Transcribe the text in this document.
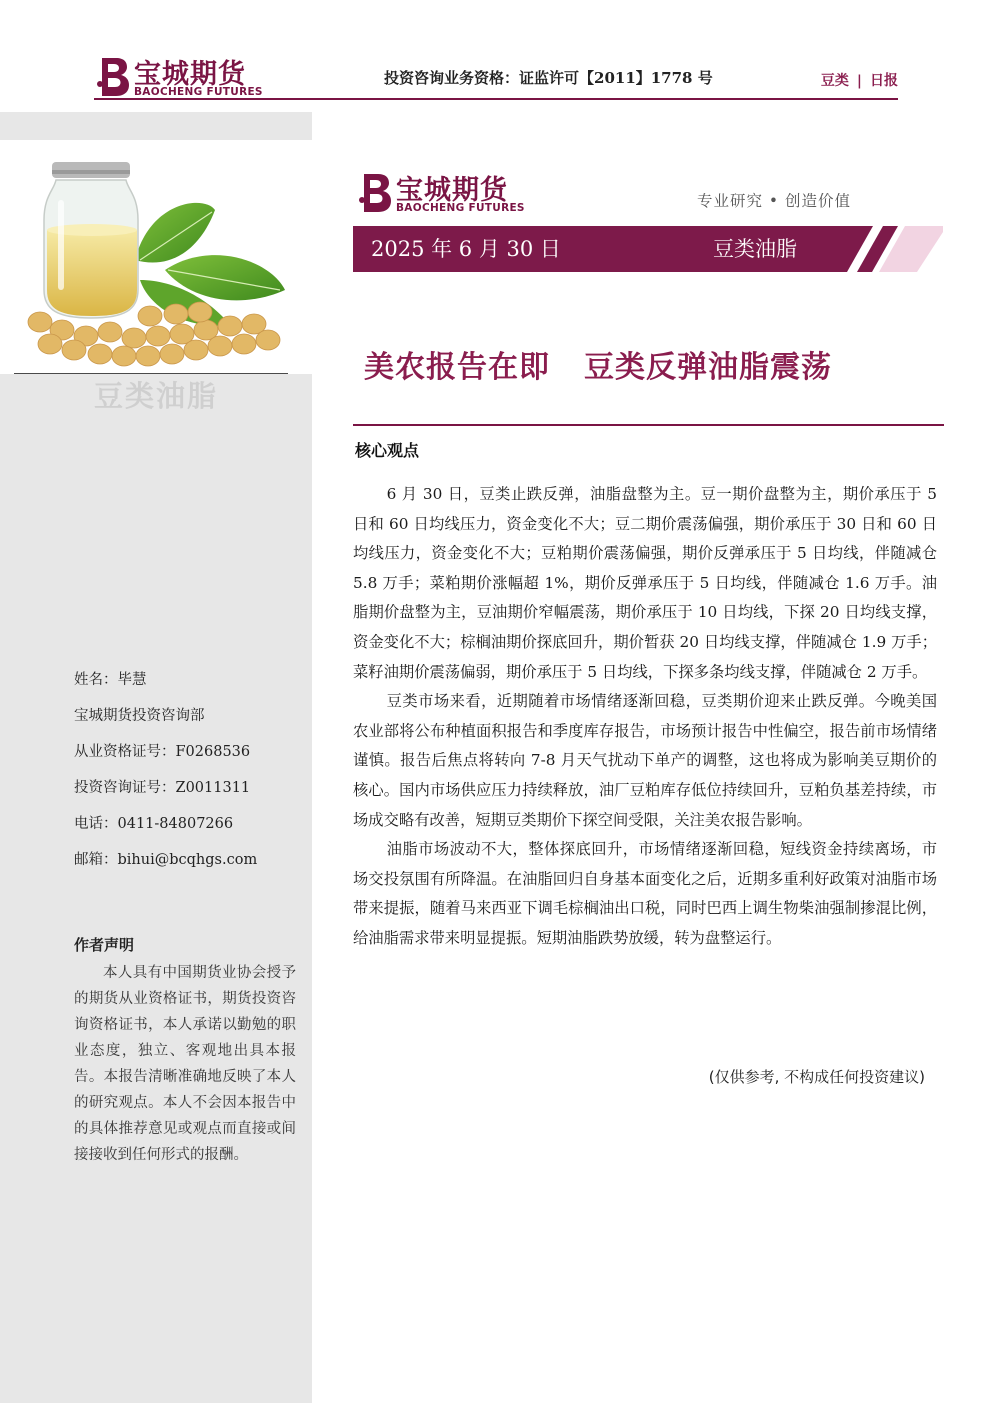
宝城期货
BAOCHENG FUTURES
投资咨询业务资格：证监许可【2011】1778 号	豆类 | 日报
豆类油脂
姓名：毕慧
宝城期货投资咨询部
从业资格证号：F0268536
投资咨询证号：Z0011311
电话：0411-84807266
邮箱：bihui@bcqhgs.com
作者声明
本人具有中国期货业协会授予的期货从业资格证书，期货投资咨询资格证书，本人承诺以勤勉的职业态度，独立、客观地出具本报告。本报告清晰准确地反映了本人的研究观点。本人不会因本报告中的具体推荐意见或观点而直接或间接接收到任何形式的报酬。
宝城期货
BAOCHENG FUTURES	专业研究 • 创造价值
2025 年 6 月 30 日	豆类油脂
美农报告在即 豆类反弹油脂震荡
核心观点

6 月 30 日，豆类止跌反弹，油脂盘整为主。豆一期价盘整为主，期价承压于 5 日和 60 日均线压力，资金变化不大；豆二期价震荡偏强，期价承压于 30 日和 60 日均线压力，资金变化不大；豆粕期价震荡偏强，期价反弹承压于 5 日均线，伴随减仓 5.8 万手；菜粕期价涨幅超 1%，期价反弹承压于 5 日均线，伴随减仓 1.6 万手。油脂期价盘整为主，豆油期价窄幅震荡，期价承压于 10 日均线，下探 20 日均线支撑，资金变化不大；棕榈油期价探底回升，期价暂获 20 日均线支撑，伴随减仓 1.9 万手；菜籽油期价震荡偏弱，期价承压于 5 日均线，下探多条均线支撑，伴随减仓 2 万手。

豆类市场来看，近期随着市场情绪逐渐回稳，豆类期价迎来止跌反弹。今晚美国农业部将公布种植面积报告和季度库存报告，市场预计报告中性偏空，报告前市场情绪谨慎。报告后焦点将转向 7-8 月天气扰动下单产的调整，这也将成为影响美豆期价的核心。国内市场供应压力持续释放，油厂豆粕库存低位持续回升，豆粕负基差持续，市场成交略有改善，短期豆类期价下探空间受限，关注美农报告影响。

油脂市场波动不大，整体探底回升，市场情绪逐渐回稳，短线资金持续离场，市场交投氛围有所降温。在油脂回归自身基本面变化之后，近期多重利好政策对油脂市场带来提振，随着马来西亚下调毛棕榈油出口税，同时巴西上调生物柴油强制掺混比例，给油脂需求带来明显提振。短期油脂跌势放缓，转为盘整运行。

(仅供参考, 不构成任何投资建议)
